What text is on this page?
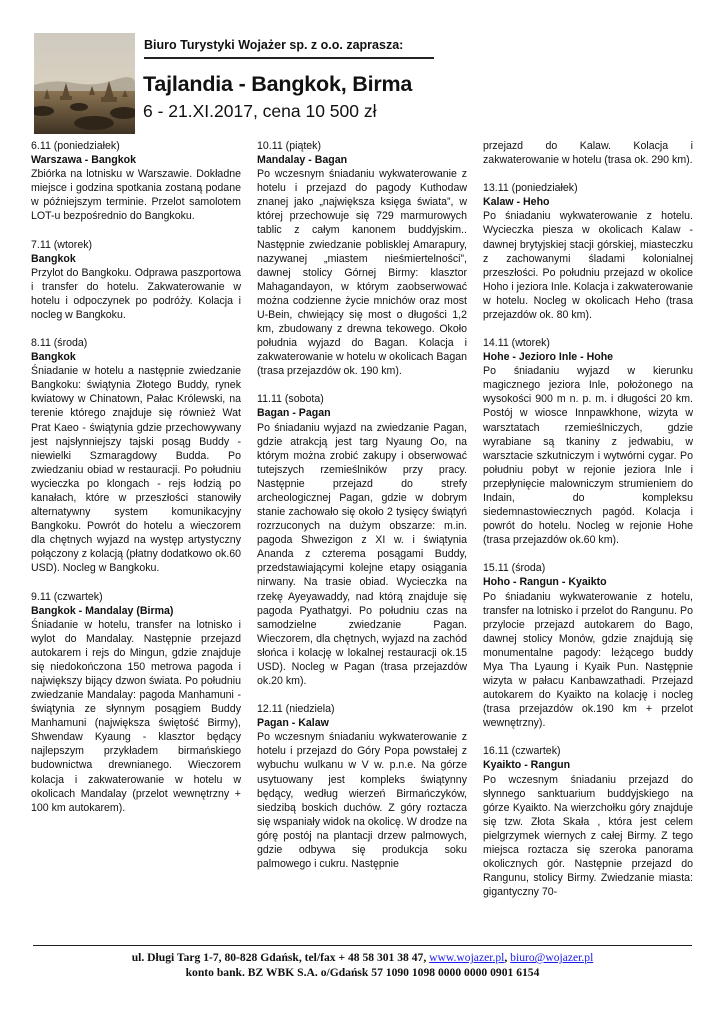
Biuro Turystyki Wojażer sp. z o.o. zaprasza:
Tajlandia - Bangkok, Birma
6 - 21.XI.2017, cena 10 500 zł

6.11 (poniedziałek)

Warszawa - Bangkok

Zbiórka na lotnisku w Warszawie. Dokładne miejsce i godzina spotkania zostaną podane w późniejszym terminie. Przelot samolotem LOT-u bezpośrednio do Bangkoku.

7.11 (wtorek)

Bangkok

Przylot do Bangkoku. Odprawa paszportowa i transfer do hotelu. Zakwaterowanie w hotelu i odpoczynek po podróży. Kolacja i nocleg w Bangkoku.

8.11 (środa)

Bangkok

Śniadanie w hotelu a następnie zwiedzanie Bangkoku: świątynia Złotego Buddy, rynek kwiatowy w Chinatown, Pałac Królewski, na terenie którego znajduje się również Wat Prat Kaeo - świątynia gdzie przechowywany jest najsłynniejszy tajski posąg Buddy - niewielki Szmaragdowy Budda. Po zwiedzaniu obiad w restauracji. Po południu wycieczka po klongach - rejs łodzią po kanałach, które w przeszłości stanowiły alternatywny system komunikacyjny Bangkoku. Powrót do hotelu a wieczorem dla chętnych wyjazd na występ artystyczny połączony z kolacją (płatny dodatkowo ok.60 USD). Nocleg w Bangkoku.

9.11 (czwartek)

Bangkok - Mandalay (Birma)

Śniadanie w hotelu, transfer na lotnisko i wylot do Mandalay. Następnie przejazd autokarem i rejs do Mingun, gdzie znajduje się niedokończona 150 metrowa pagoda i największy bijący dzwon świata. Po południu zwiedzanie Mandalay: pagoda Manhamuni - świątynia ze słynnym posągiem Buddy Manhamuni (największa świętość Birmy), Shwendaw Kyaung - klasztor będący najlepszym przykładem birmańskiego budownictwa drewnianego. Wieczorem kolacja i zakwaterowanie w hotelu w okolicach Mandalay (przelot wewnętrzny + 100 km autokarem).

10.11 (piątek)

Mandalay - Bagan

Po wczesnym śniadaniu wykwaterowanie z hotelu i przejazd do pagody Kuthodaw znanej jako „największa księga świata”, w której przechowuje się 729 marmurowych tablic z całym kanonem buddyjskim.. Następnie zwiedzanie poblisklej Amarapury, nazywanej „miastem nieśmiertelności”, dawnej stolicy Górnej Birmy: klasztor Mahagandayon, w którym zaobserwować można codzienne życie mnichów oraz most U-Bein, chwiejący się most o długości 1,2 km, zbudowany z drewna tekowego. Około południa wyjazd do Bagan. Kolacja i zakwaterowanie w hotelu w okolicach Bagan (trasa przejazdów ok. 190 km).

11.11 (sobota)

Bagan - Pagan

Po śniadaniu wyjazd na zwiedzanie Pagan, gdzie atrakcją jest targ Nyaung Oo, na którym można zrobić zakupy i obserwować tutejszych rzemieślników przy pracy. Następnie przejazd do strefy archeologicznej Pagan, gdzie w dobrym stanie zachowało się około 2 tysięcy świątyń rozrzuconych na dużym obszarze: m.in. pagoda Shwezigon z XI w. i świątynia Ananda z czterema posągami Buddy, przedstawiającymi kolejne etapy osiągania nirwany. Na trasie obiad. Wycieczka na rzekę Ayeyawaddy, nad którą znajduje się pagoda Pyathatgyi. Po południu czas na samodzielne zwiedzanie Pagan. Wieczorem, dla chętnych, wyjazd na zachód słońca i kolację w lokalnej restauracji ok.15 USD). Nocleg w Pagan (trasa przejazdów ok.20 km).

12.11 (niedziela)

Pagan - Kalaw

Po wczesnym śniadaniu wykwaterowanie z hotelu i przejazd do Góry Popa powstałej z wybuchu wulkanu w V w. p.n.e. Na górze usytuowany jest kompleks świątynny będący, według wierzeń Birmańczyków, siedzibą boskich duchów. Z góry roztacza się wspaniały widok na okolicę. W drodze na górę postój na plantacji drzew palmowych, gdzie odbywa się produkcja soku palmowego i cukru. Następnie

przejazd do Kalaw. Kolacja i zakwaterowanie w hotelu (trasa ok. 290 km).

13.11 (poniedziałek)

Kalaw - Heho

Po śniadaniu wykwaterowanie z hotelu. Wycieczka piesza w okolicach Kalaw - dawnej brytyjskiej stacji górskiej, miasteczku z zachowanymi śladami kolonialnej przeszłości. Po południu przejazd w okolice Hoho i jeziora Inle. Kolacja i zakwaterowanie w hotelu. Nocleg w okolicach Heho (trasa przejazdów ok. 80 km).

14.11 (wtorek)

Hohe - Jezioro Inle - Hohe

Po śniadaniu wyjazd w kierunku magicznego jeziora Inle, położonego na wysokości 900 m n. p. m. i długości 20 km. Postój w wiosce Innpawkhone, wizyta w warsztatach rzemieślniczych, gdzie wyrabiane są tkaniny z jedwabiu, w warsztacie szkutniczym i wytwórni cygar. Po południu pobyt w rejonie jeziora Inle i przepłynięcie malowniczym strumieniem do Indain, do kompleksu siedemnastowiecznych pagód. Kolacja i powrót do hotelu. Nocleg w rejonie Hohe (trasa przejazdów ok.60 km).

15.11 (środa)

Hoho - Rangun - Kyaikto

Po śniadaniu wykwaterowanie z hotelu, transfer na lotnisko i przelot do Rangunu. Po przylocie przejazd autokarem do Bago, dawnej stolicy Monów, gdzie znajdują się monumentalne pagody: leżącego buddy Mya Tha Lyaung i Kyaik Pun. Następnie wizyta w pałacu Kanbawzathadi. Przejazd autokarem do Kyaikto na kolację i nocleg (trasa przejazdów ok.190 km + przelot wewnętrzny).

16.11 (czwartek)

Kyaikto - Rangun

Po wczesnym śniadaniu przejazd do słynnego sanktuarium buddyjskiego na górze Kyaikto. Na wierzchołku góry znajduje się tzw. Złota Skała , która jest celem pielgrzymek wiernych z całej Birmy. Z tego miejsca roztacza się szeroka panorama okolicznych gór. Następnie przejazd do Rangunu, stolicy Birmy. Zwiedzanie miasta: gigantyczny 70-

ul. Długi Targ 1-7, 80-828 Gdańsk, tel/fax + 48 58 301 38 47, www.wojazer.pl, biuro@wojazer.pl
konto bank. BZ WBK S.A. o/Gdańsk 57 1090 1098 0000 0000 0901 6154
